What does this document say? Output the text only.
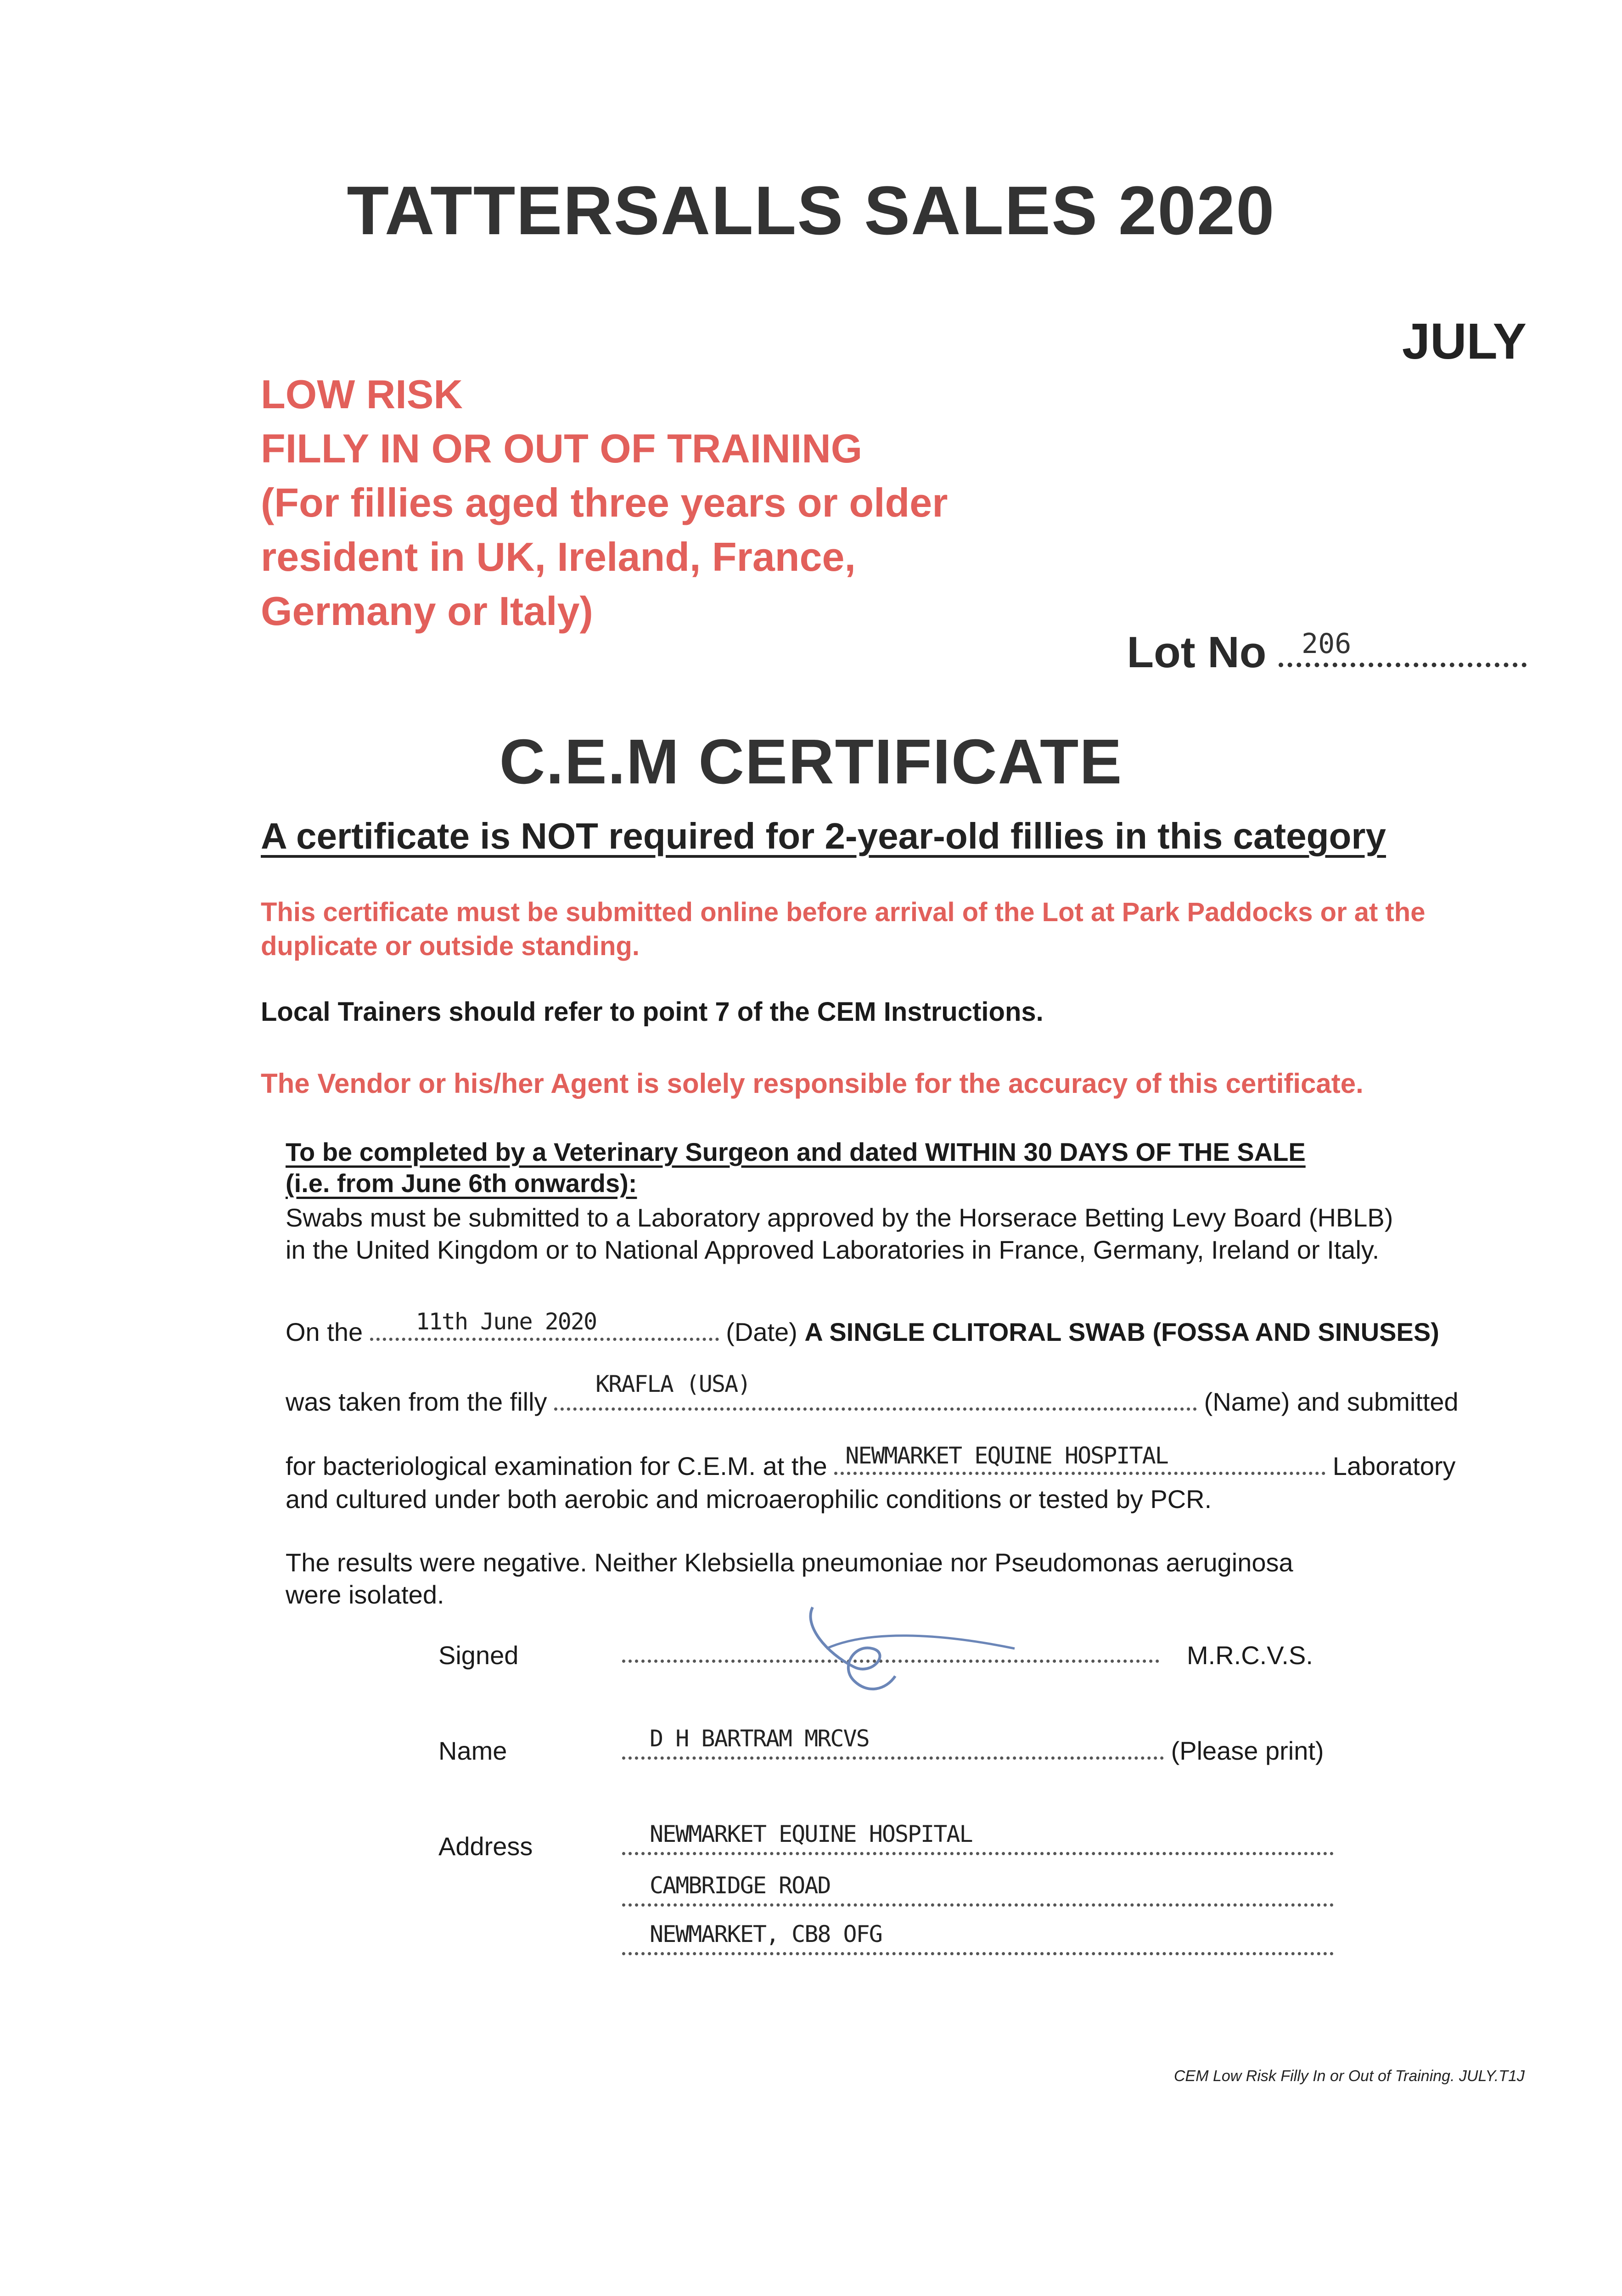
TATTERSALLS SALES 2020
JULY
LOW RISK
FILLY IN OR OUT OF TRAINING
(For fillies aged three years or older
resident in UK, Ireland, France,
Germany or Italy)
Lot No 206
C.E.M CERTIFICATE
A certificate is NOT required for 2-year-old fillies in this category
This certificate must be submitted online before arrival of the Lot at Park Paddocks or at the duplicate or outside standing.
Local Trainers should refer to point 7 of the CEM Instructions.
The Vendor or his/her Agent is solely responsible for the accuracy of this certificate.
To be completed by a Veterinary Surgeon and dated WITHIN 30 DAYS OF THE SALE
(i.e. from June 6th onwards):
Swabs must be submitted to a Laboratory approved by the Horserace Betting Levy Board (HBLB)
in the United Kingdom or to National Approved Laboratories in France, Germany, Ireland or Italy.
On the 11th June 2020	(Date) A SINGLE CLITORAL SWAB (FOSSA AND SINUSES)
was taken from the filly
KRAFLA (USA)
(Name) and submitted
for bacteriological examination for C.E.M. at the NEWMARKET EQUINE HOSPITAL	Laboratory
and cultured under both aerobic and microaerophilic conditions or tested by PCR.
The results were negative. Neither Klebsiella pneumoniae nor Pseudomonas aeruginosa
were isolated.
Signed	M.R.C.V.S.
Name	D H BARTRAM MRCVS	(Please print)
Address	NEWMARKET EQUINE HOSPITAL
CAMBRIDGE ROAD
NEWMARKET, CB8 OFG
CEM Low Risk Filly In or Out of Training. JULY.T1J
